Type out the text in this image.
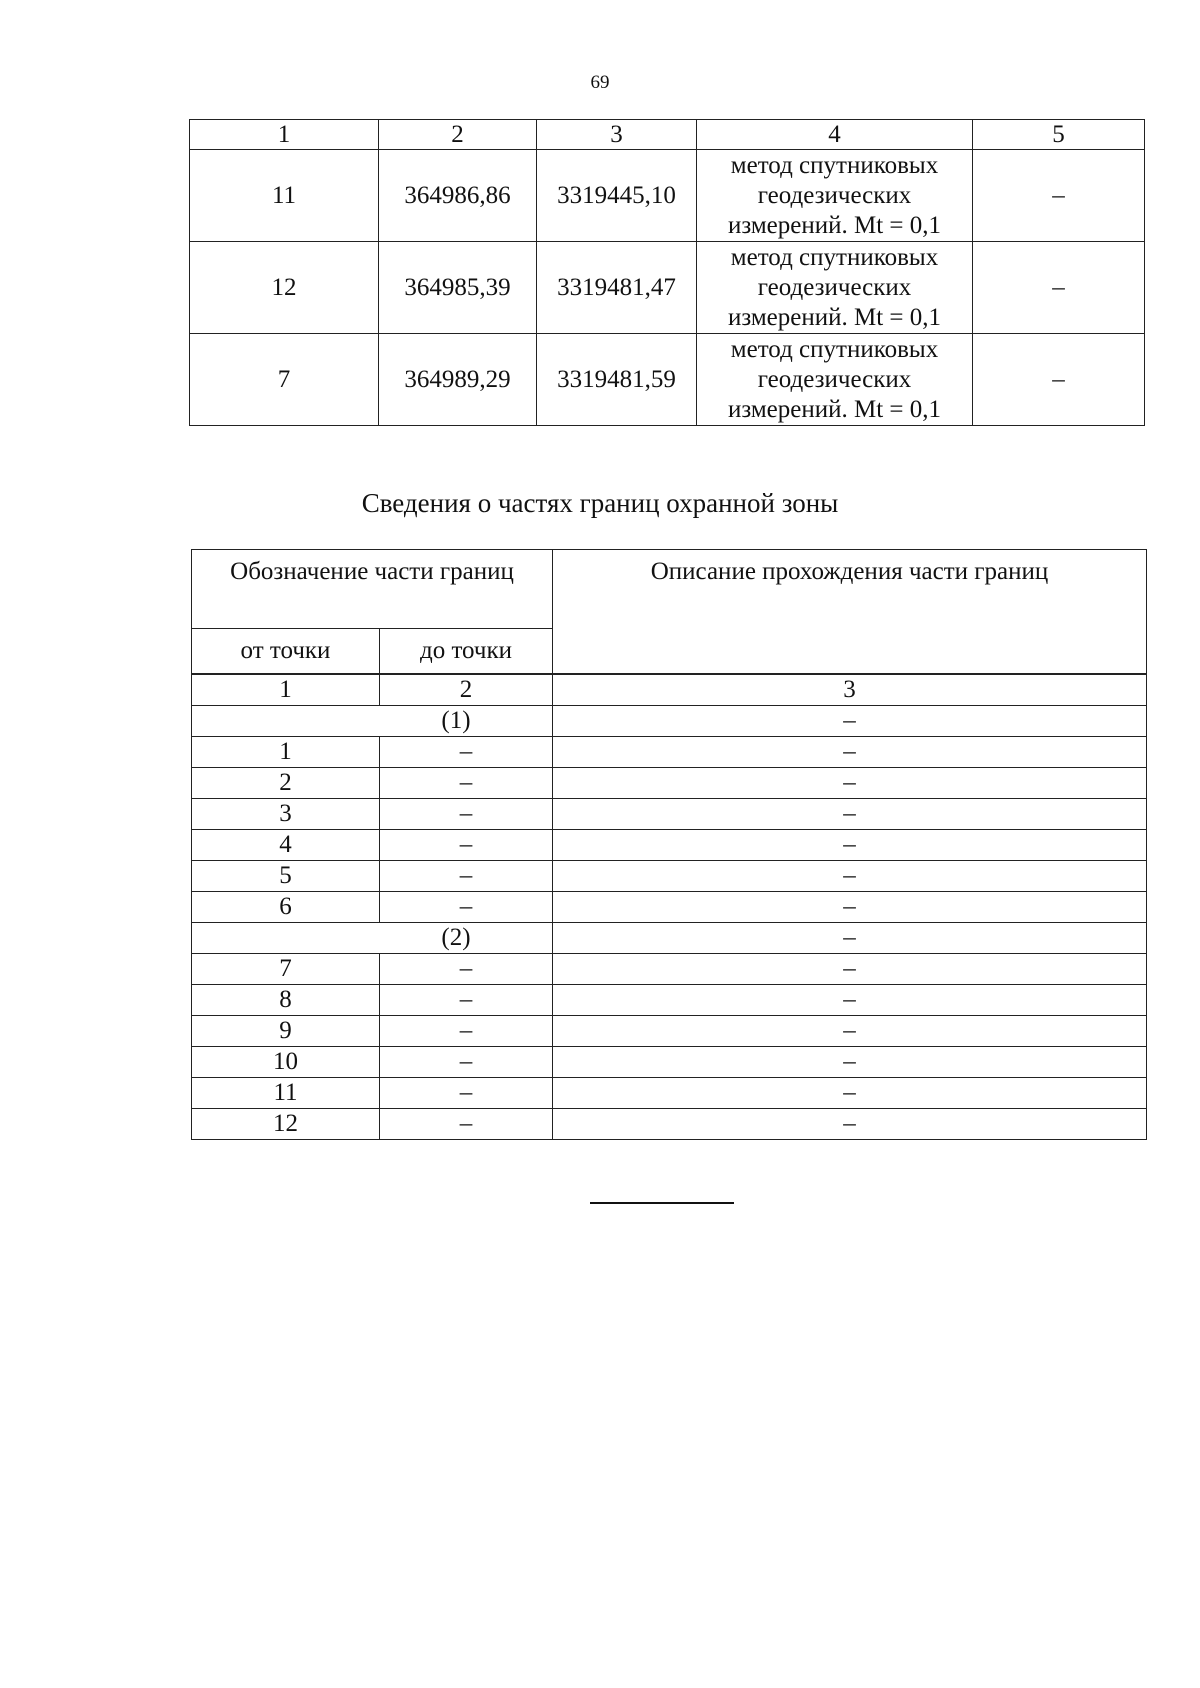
69
1	2	3	4	5
11	364986,86	3319445,10	метод спутниковых геодезических измерений. Mt = 0,1	–
12	364985,39	3319481,47	метод спутниковых геодезических измерений. Mt = 0,1	–
7	364989,29	3319481,59	метод спутниковых геодезических измерений. Mt = 0,1	–
Сведения о частях границ охранной зоны
Обозначение части границ		Описание прохождения части границ
от точки	до точки	
1	2	3
(1)		–
1	–	–
2	–	–
3	–	–
4	–	–
5	–	–
6	–	–
(2)		–
7	–	–
8	–	–
9	–	–
10	–	–
11	–	–
12	–	–
